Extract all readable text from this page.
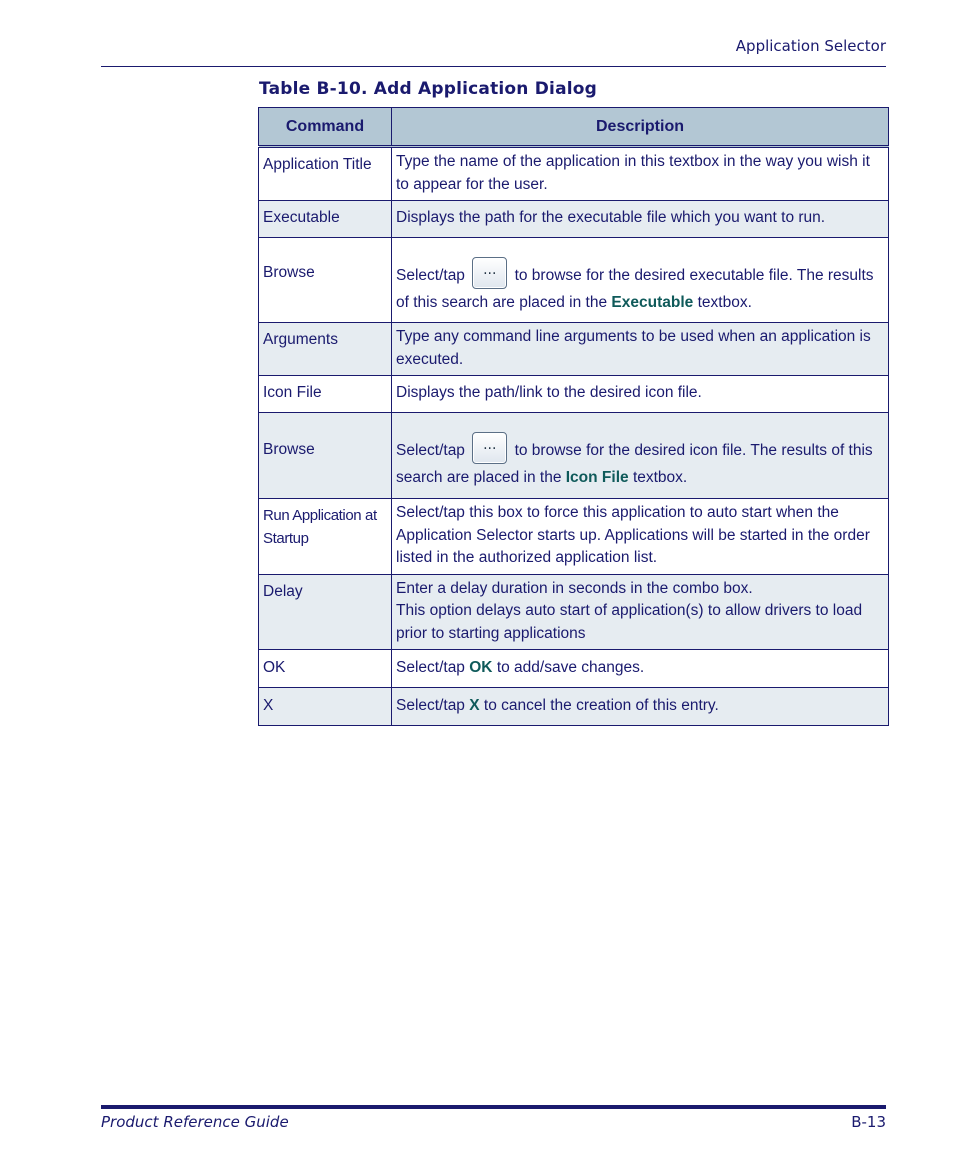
Application Selector
Table B-10. Add Application Dialog
Command	Description
Application Title	Type the name of the application in this textbox in the way you wish it to appear for the user.
Executable	Displays the path for the executable file which you want to run.
Browse	Select/tap ... to browse for the desired executable file. The results of this search are placed in the Executable textbox.
Arguments	Type any command line arguments to be used when an application is executed.
Icon File	Displays the path/link to the desired icon file.
Browse	Select/tap ... to browse for the desired icon file. The results of this search are placed in the Icon File textbox.
Run Application at Startup	Select/tap this box to force this application to auto start when the Application Selector starts up. Applications will be started in the order listed in the authorized application list.
Delay	Enter a delay duration in seconds in the combo box.
This option delays auto start of application(s) to allow drivers to load prior to starting applications

OK	Select/tap OK to add/save changes.
X	Select/tap X to cancel the creation of this entry.
Product Reference Guide	B-13
